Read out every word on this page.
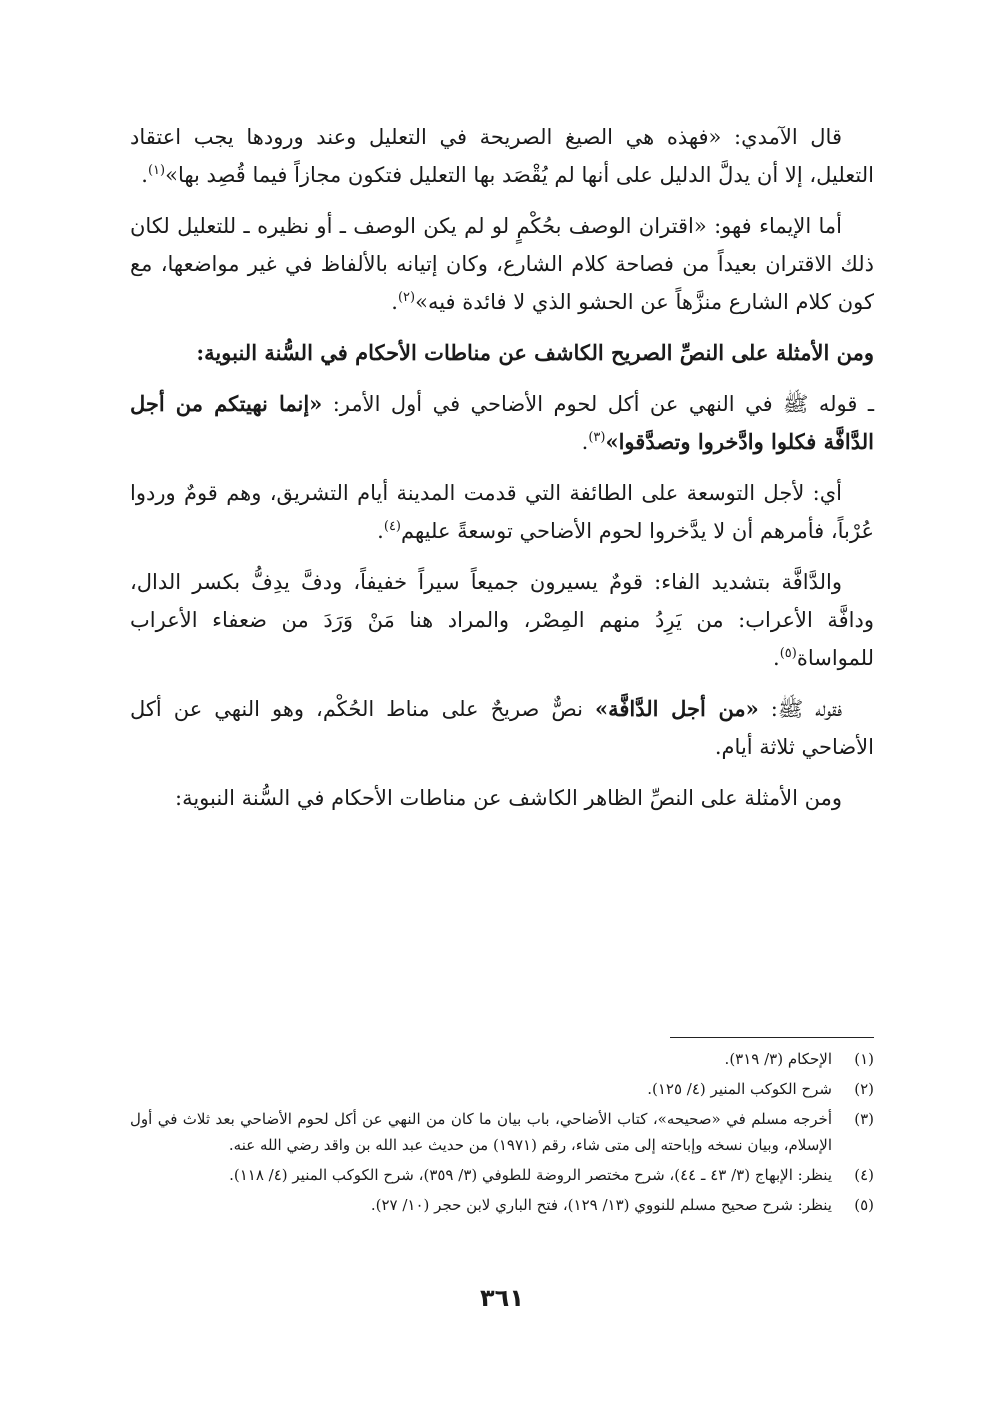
قال الآمدي: «فهذه هي الصيغ الصريحة في التعليل وعند ورودها يجب اعتقاد التعليل، إلا أن يدلَّ الدليل على أنها لم يُقْصَد بها التعليل فتكون مجازاً فيما قُصِد بها»$^{(١)}$.

أما الإيماء فهو: «اقتران الوصف بحُكْمٍ لو لم يكن الوصف ـ أو نظيره ـ للتعليل لكان ذلك الاقتران بعيداً من فصاحة كلام الشارع، وكان إتيانه بالألفاظ في غير مواضعها، مع كون كلام الشارع منزَّهاً عن الحشو الذي لا فائدة فيه»$^{(٢)}$.

ومن الأمثلة على النصِّ الصريح الكاشف عن مناطات الأحكام في السُّنة النبوية:

ـ قوله ﷺ في النهي عن أكل لحوم الأضاحي في أول الأمر: «إنما نهيتكم من أجل الدَّافَّة فكلوا وادَّخروا وتصدَّقوا»$^{(٣)}$.

أي: لأجل التوسعة على الطائفة التي قدمت المدينة أيام التشريق، وهم قومٌ وردوا عُرْباً، فأمرهم أن لا يدَّخروا لحوم الأضاحي توسعةً عليهم$^{(٤)}$.

والدَّافَّة بتشديد الفاء: قومٌ يسيرون جميعاً سيراً خفيفاً، ودفَّ يدِفُّ بكسر الدال، ودافَّة الأعراب: من يَرِدُ منهم المِصْر، والمراد هنا مَنْ وَرَدَ من ضعفاء الأعراب للمواساة$^{(٥)}$.

فقوله ﷺ: «من أجل الدَّافَّة» نصٌّ صريحٌ على مناط الحُكْم، وهو النهي عن أكل الأضاحي ثلاثة أيام.

ومن الأمثلة على النصِّ الظاهر الكاشف عن مناطات الأحكام في السُّنة النبوية:

(١)
الإحكام (٣/ ٣١٩).
(٢)
شرح الكوكب المنير (٤/ ١٢٥).
(٣)
أخرجه مسلم في «صحيحه»، كتاب الأضاحي، باب بيان ما كان من النهي عن أكل لحوم الأضاحي بعد ثلاث في أول الإسلام، وبيان نسخه وإباحته إلى متى شاء، رقم (١٩٧١) من حديث عبد الله بن واقد رضي الله عنه.
(٤)
ينظر: الإبهاج (٣/ ٤٣ ـ ٤٤)، شرح مختصر الروضة للطوفي (٣/ ٣٥٩)، شرح الكوكب المنير (٤/ ١١٨).
(٥)
ينظر: شرح صحيح مسلم للنووي (١٣/ ١٢٩)، فتح الباري لابن حجر (١٠/ ٢٧).
٣٦١
